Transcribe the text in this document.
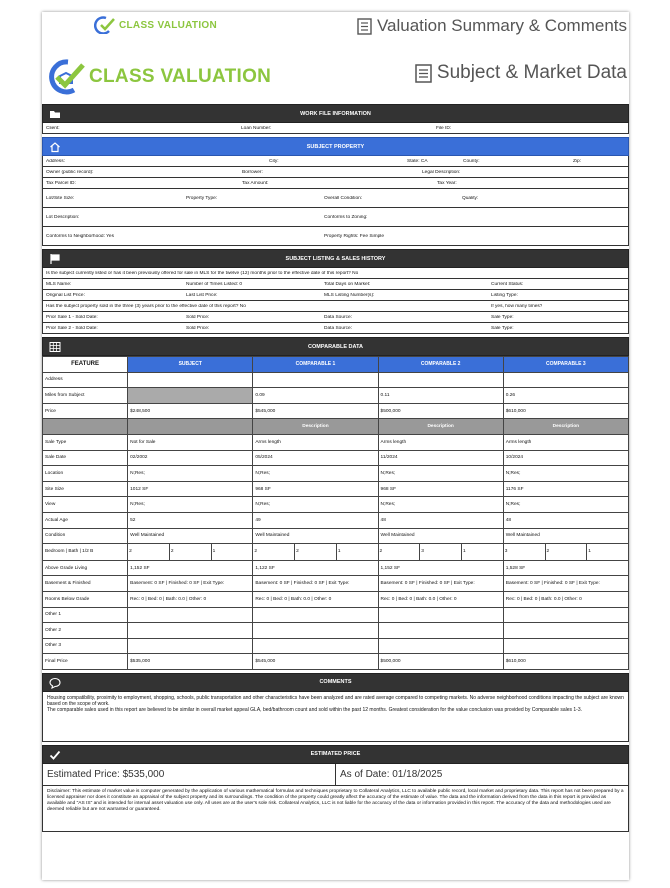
CLASS VALUATION	Valuation Summary & Comments
CLASS VALUATION	Subject & Market Data
WORK FILE INFORMATION
Client:	Loan Number:	File ID:
SUBJECT PROPERTY
Address:	City:	State: CA	County:	Zip:
Owner (public record):	Borrower:	Legal Description:
Tax Parcel ID:	Tax Amount:	Tax Year:
Lot/Site Size:	Property Type:	Overall Condition:	Quality:
Lot Description:	Conforms to Zoning:
Conforms to Neighborhood: Yes	Property Rights: Fee Simple
SUBJECT LISTING & SALES HISTORY
Is the subject currently listed or has it been previously offered for sale in MLS for the twelve (12) months prior to the effective date of this report? No
MLS Name:	Number of Times Listed: 0	Total Days on Market:	Current Status:
Original List Price:	Last List Price:	MLS Listing Number(s):	Listing Type:
Has the subject property sold in the three (3) years prior to the effective date of this report? No	If yes, how many times?
Prior Sale 1 - Sold Date:	Sold Price:	Data Source:	Sale Type:
Prior Sale 2 - Sold Date:	Sold Price:	Data Source:	Sale Type:
COMPARABLE DATA
FEATURE	SUBJECT	COMPARABLE 1	COMPARABLE 2	COMPARABLE 3
Address				
Miles from Subject		0.09	0.11	0.26
Price	$248,500	$545,000	$500,000	$610,000
		Description	Description	Description
Sale Type	Not for Sale	Arms length	Arms length	Arms length
Sale Date	02/2002	05/2024	11/2024	10/2024
Location	N;Res;	N;Res;	N;Res;	N;Res;
Site Size	1012 SF	968 SF	968 SF	1176 SF
View	N;Res;	N;Res;	N;Res;	N;Res;
Actual Age	52	49	48	48
Condition	Well Maintained	Well Maintained	Well Maintained	Well Maintained
Bedroom | Bath | 1/2 B	2 2 1	2 2 1	2 3 1	3 2 1

Above Grade Living	1,152 SF	1,122 SF	1,152 SF	1,528 SF
Basement & Finished	Basement: 0 SF | Finished: 0 SF | Exit Type:	Basement: 0 SF | Finished: 0 SF | Exit Type:	Basement: 0 SF | Finished: 0 SF | Exit Type:	Basement: 0 SF | Finished: 0 SF | Exit Type:
Rooms Below Grade	Rec: 0 | Bed: 0 | Bath: 0.0 | Other: 0	Rec: 0 | Bed: 0 | Bath: 0.0 | Other: 0	Rec: 0 | Bed: 0 | Bath: 0.0 | Other: 0	Rec: 0 | Bed: 0 | Bath: 0.0 | Other: 0
Other 1				
Other 2				
Other 3				
Final Price	$535,000	$545,000	$500,000	$610,000
COMMENTS

Housing compatibility, proximity to employment, shopping, schools, public transportation and other characteristics have been analyzed and are rated average compared to competing markets. No adverse neighborhood conditions impacting the subject are known based on the scope of work.

The comparable sales used in this report are believed to be similar in overall market appeal GLA, bed/bathroom count and sold within the past 12 months. Greatest consideration for the value conclusion was provided by Comparable sales 1-3.

ESTIMATED PRICE
Estimated Price: $535,000	As of Date: 01/18/2025
Disclaimer: This estimate of market value is computer generated by the application of various mathematical formulas and techniques proprietary to Collateral Analytics, LLC to available public record, local market and proprietary data. This report has not been prepared by a licensed appraiser nor does it constitute an appraisal of the subject property and its surroundings. The condition of the property could greatly affect the accuracy of the estimate of value. The data and the information derived from the data in this report is provided as available and "AS IS" and is intended for internal asset valuation use only. All uses are at the user's sole risk. Collateral Analytics, LLC is not liable for the accuracy of the data or information provided in this report. The accuracy of the data and methodologies used are deemed reliable but are not warranted or guaranteed.
